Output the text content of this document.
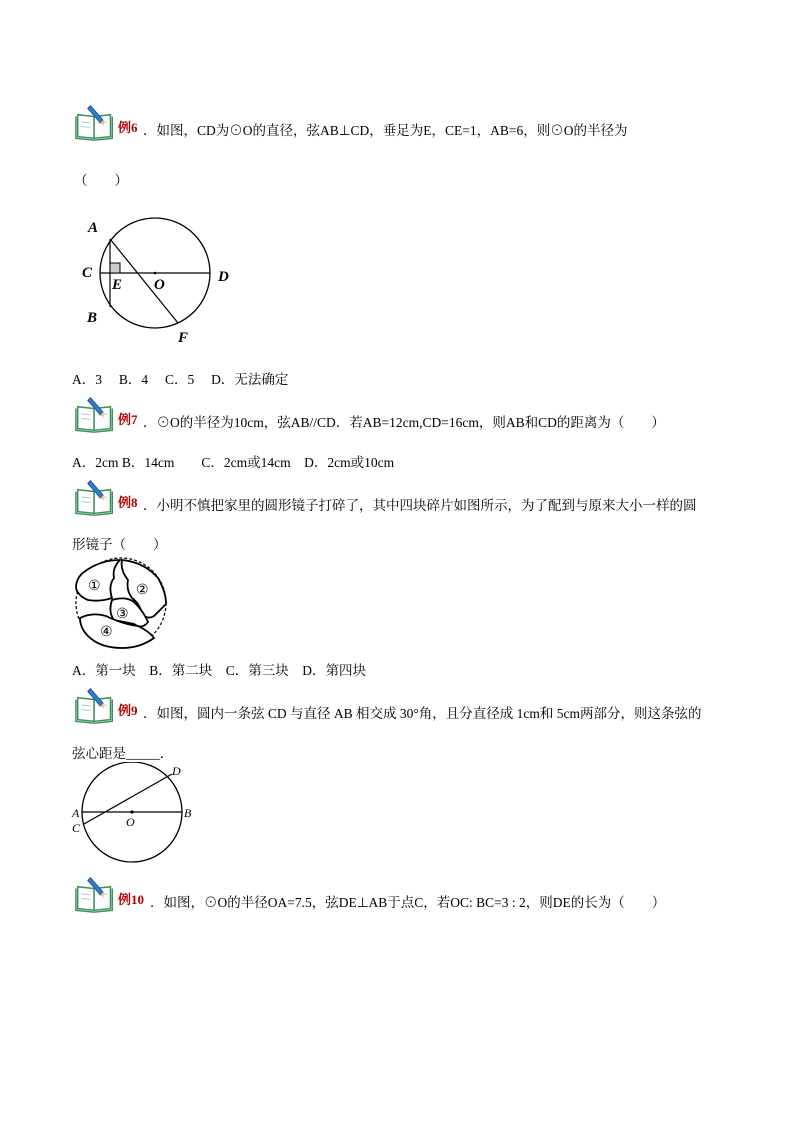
例6 ．如图，CD为⊙O的直径，弦AB⊥CD，垂足为E，CE=1，AB=6，则⊙O的半径为
（　　）
A
C
B
D
E O
F
A．3　 B．4　 C．5　 D．无法确定
例7 ．⊙O的半径为10cm，弦AB//CD．若AB=12cm,CD=16cm，则AB和CD的距离为（　　）
A．2cm B．14cm　　C．2cm或14cm　D．2cm或10cm
例8 ．小明不慎把家里的圆形镜子打碎了，其中四块碎片如图所示，为了配到与原来大小一样的圆
形镜子（　　）
①	②
③
④
A．第一块　B．第二块　C．第三块　D．第四块
例9 ．如图，圆内一条弦 CD 与直径 AB 相交成 30°角，且分直径成 1cm和 5cm两部分，则这条弦的
弦心距是_____．
A
C
D
B
O
例10 ．如图，⊙O的半径OA=7.5，弦DE⊥AB于点C，若OC: BC=3 : 2，则DE的长为（　　）
